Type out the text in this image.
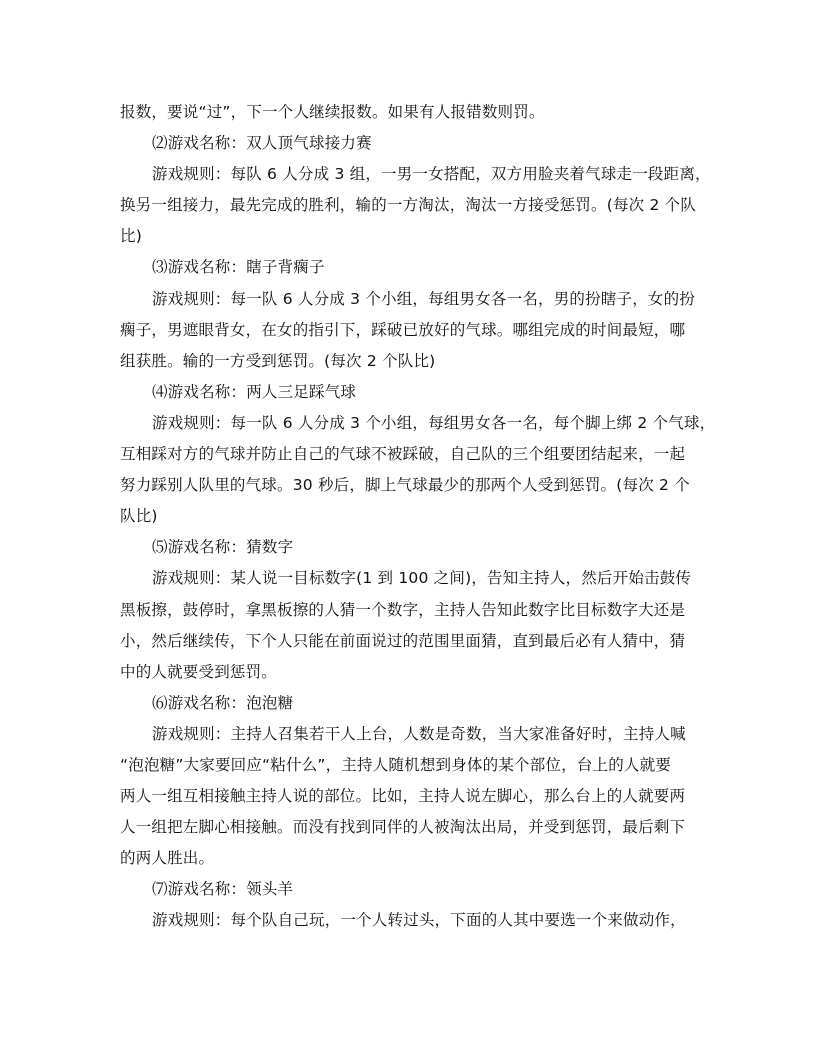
报数，要说“过”，下一个人继续报数。如果有人报错数则罚。
⑵游戏名称：双人顶气球接力赛
游戏规则：每队 6 人分成 3 组，一男一女搭配，双方用脸夹着气球走一段距离，
换另一组接力，最先完成的胜利，输的一方淘汰，淘汰一方接受惩罚。(每次 2 个队
比)
⑶游戏名称：瞎子背瘸子
游戏规则：每一队 6 人分成 3 个小组，每组男女各一名，男的扮瞎子，女的扮
瘸子，男遮眼背女，在女的指引下，踩破已放好的气球。哪组完成的时间最短，哪
组获胜。输的一方受到惩罚。(每次 2 个队比)
⑷游戏名称：两人三足踩气球
游戏规则：每一队 6 人分成 3 个小组，每组男女各一名，每个脚上绑 2 个气球，
互相踩对方的气球并防止自己的气球不被踩破，自己队的三个组要团结起来，一起
努力踩别人队里的气球。30 秒后，脚上气球最少的那两个人受到惩罚。(每次 2 个
队比)
⑸游戏名称：猜数字
游戏规则：某人说一目标数字(1 到 100 之间)，告知主持人，然后开始击鼓传
黑板擦，鼓停时，拿黑板擦的人猜一个数字，主持人告知此数字比目标数字大还是
小，然后继续传，下个人只能在前面说过的范围里面猜，直到最后必有人猜中，猜
中的人就要受到惩罚。
⑹游戏名称：泡泡糖
游戏规则：主持人召集若干人上台，人数是奇数，当大家准备好时，主持人喊
“泡泡糖”大家要回应“粘什么”，主持人随机想到身体的某个部位，台上的人就要
两人一组互相接触主持人说的部位。比如，主持人说左脚心，那么台上的人就要两
人一组把左脚心相接触。而没有找到同伴的人被淘汰出局，并受到惩罚，最后剩下
的两人胜出。
⑺游戏名称：领头羊
游戏规则：每个队自己玩，一个人转过头，下面的人其中要选一个来做动作，
